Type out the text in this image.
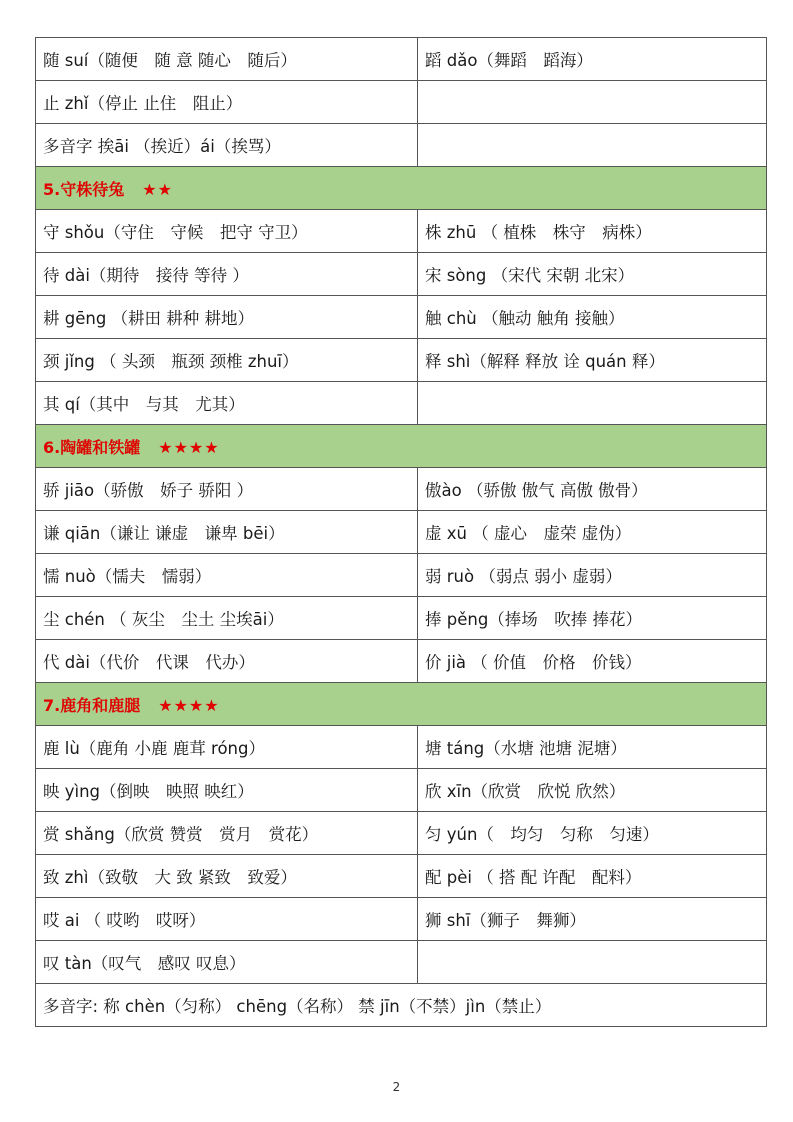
随 suí（随便　随 意 随心　随后）	蹈 dǎo（舞蹈　蹈海）
止 zhǐ（停止 止住　阻止）	
多音字 挨āi （挨近）ái（挨骂）	
5.守株待兔 ★★	
守 shǒu（守住　守候　把守 守卫）	株 zhū （ 植株　株守　病株）
待 dài（期待　接待 等待 ）	宋 sòng （宋代 宋朝 北宋）
耕 gēng （耕田 耕种 耕地）	触 chù （触动 触角 接触）
颈 jǐng （ 头颈　瓶颈 颈椎 zhuī）	释 shì（解释 释放 诠 quán 释）
其 qí（其中　与其　尤其）	
6.陶罐和铁罐 ★★★★	
骄 jiāo（骄傲　娇子 骄阳 ）	傲ào （骄傲 傲气 高傲 傲骨）
谦 qiān（谦让 谦虚　谦卑 bēi）	虚 xū （ 虚心　虚荣 虚伪）
懦 nuò（懦夫　懦弱）	弱 ruò （弱点 弱小 虚弱）
尘 chén （ 灰尘　尘土 尘埃āi）	捧 pěng（捧场　吹捧 捧花）
代 dài（代价　代课　代办）	价 jià （ 价值　价格　价钱）
7.鹿角和鹿腿 ★★★★	
鹿 lù（鹿角 小鹿 鹿茸 róng）	塘 táng（水塘 池塘 泥塘）
映 yìng（倒映　映照 映红）	欣 xīn（欣赏　欣悦 欣然）
赏 shǎng（欣赏 赞赏　赏月　赏花）	匀 yún（　均匀　匀称　匀速）
致 zhì（致敬　大 致 紧致　致爱）	配 pèi （ 搭 配 许配　配料）
哎 ai （ 哎哟　哎呀）	狮 shī（狮子　舞狮）
叹 tàn（叹气　感叹 叹息）	
多音字: 称 chèn（匀称） chēng（名称） 禁 jīn（不禁）jìn（禁止）	
2
